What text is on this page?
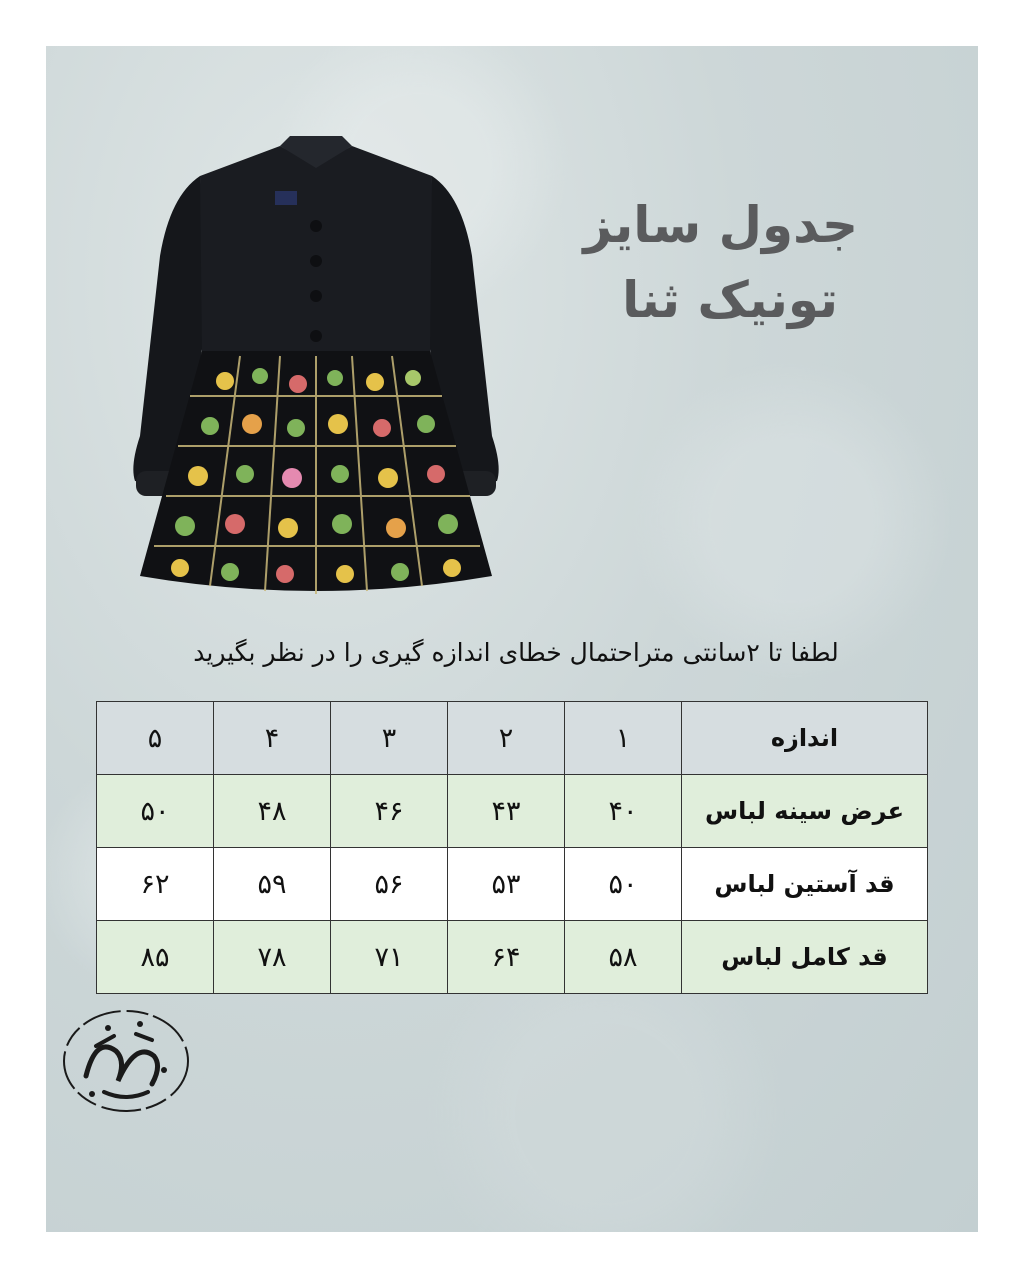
جدول سایز
تونیک ثنا
لطفا تا ۲سانتی متراحتمال خطای اندازه گیری را در نظر بگیرید
اندازه	۱	۲	۳	۴	۵
عرض سینه لباس	۴۰	۴۳	۴۶	۴۸	۵۰
قد آستین لباس	۵۰	۵۳	۵۶	۵۹	۶۲
قد کامل لباس	۵۸	۶۴	۷۱	۷۸	۸۵
